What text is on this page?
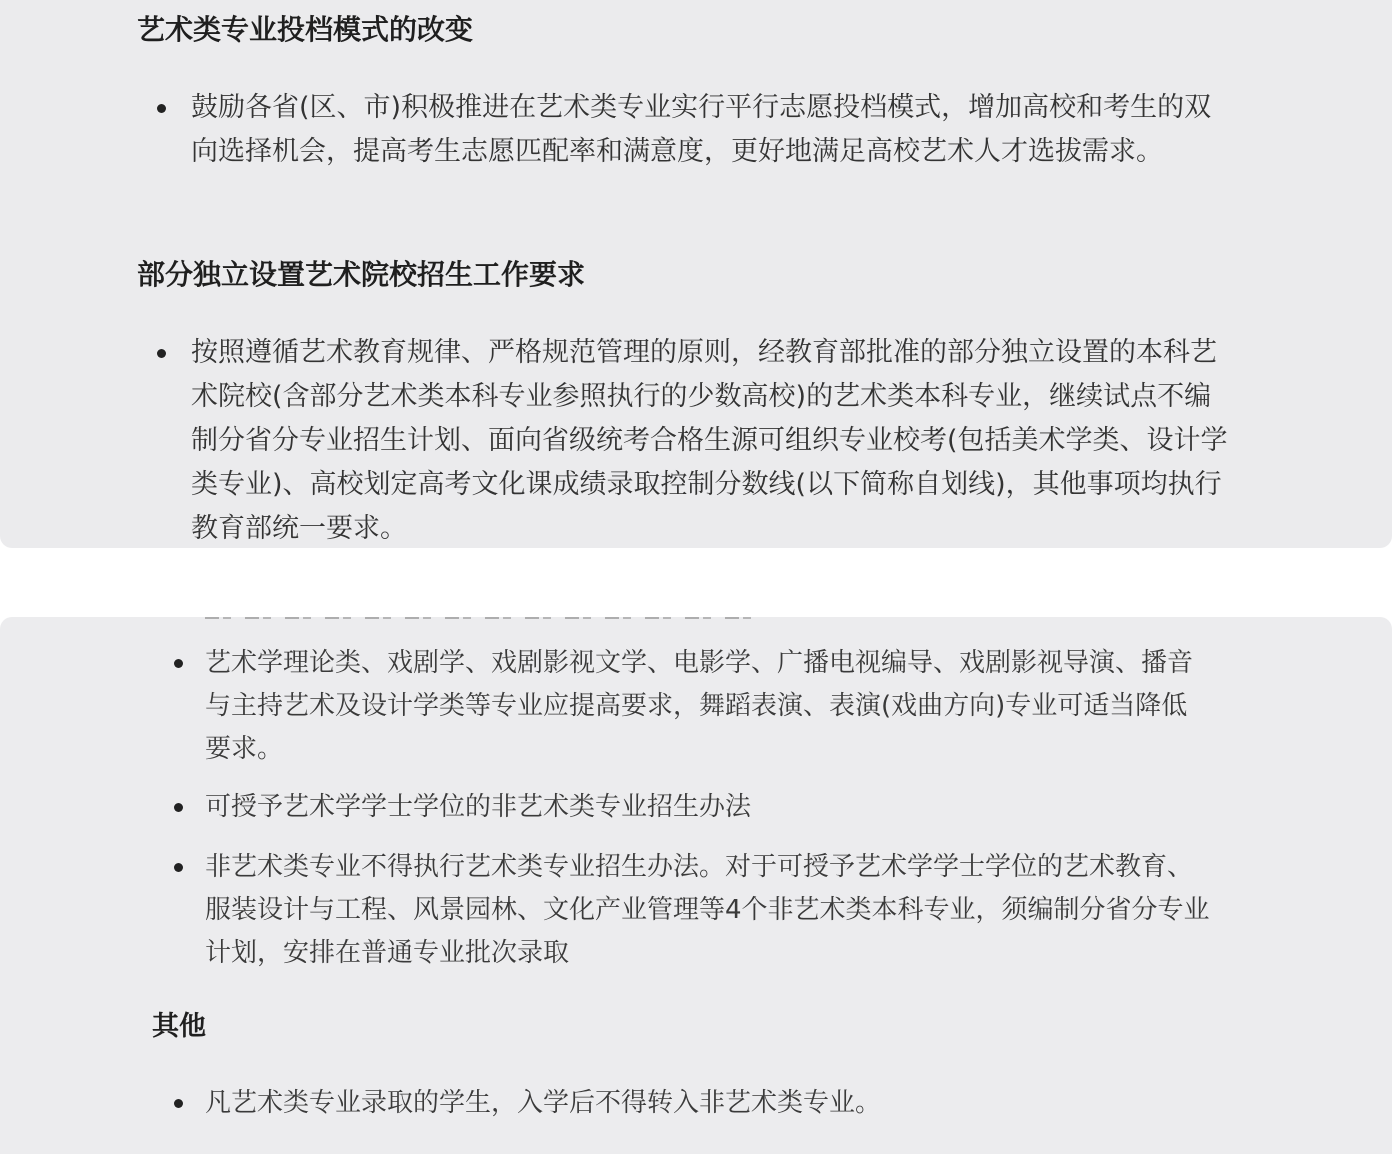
艺术类专业投档模式的改变

鼓励各省(区、市)积极推进在艺术类专业实行平行志愿投档模式，增加高校和考生的双向选择机会，提高考生志愿匹配率和满意度，更好地满足高校艺术人才选拔需求。

部分独立设置艺术院校招生工作要求

按照遵循艺术教育规律、严格规范管理的原则，经教育部批准的部分独立设置的本科艺术院校(含部分艺术类本科专业参照执行的少数高校)的艺术类本科专业，继续试点不编制分省分专业招生计划、面向省级统考合格生源可组织专业校考(包括美术学类、设计学类专业)、高校划定高考文化课成绩录取控制分数线(以下简称自划线)，其他事项均执行教育部统一要求。

艺术学理论类、戏剧学、戏剧影视文学、电影学、广播电视编导、戏剧影视导演、播音与主持艺术及设计学类等专业应提高要求，舞蹈表演、表演(戏曲方向)专业可适当降低要求。

可授予艺术学学士学位的非艺术类专业招生办法

非艺术类专业不得执行艺术类专业招生办法。对于可授予艺术学学士学位的艺术教育、服装设计与工程、风景园林、文化产业管理等4个非艺术类本科专业，须编制分省分专业计划，安排在普通专业批次录取

其他

凡艺术类专业录取的学生，入学后不得转入非艺术类专业。
